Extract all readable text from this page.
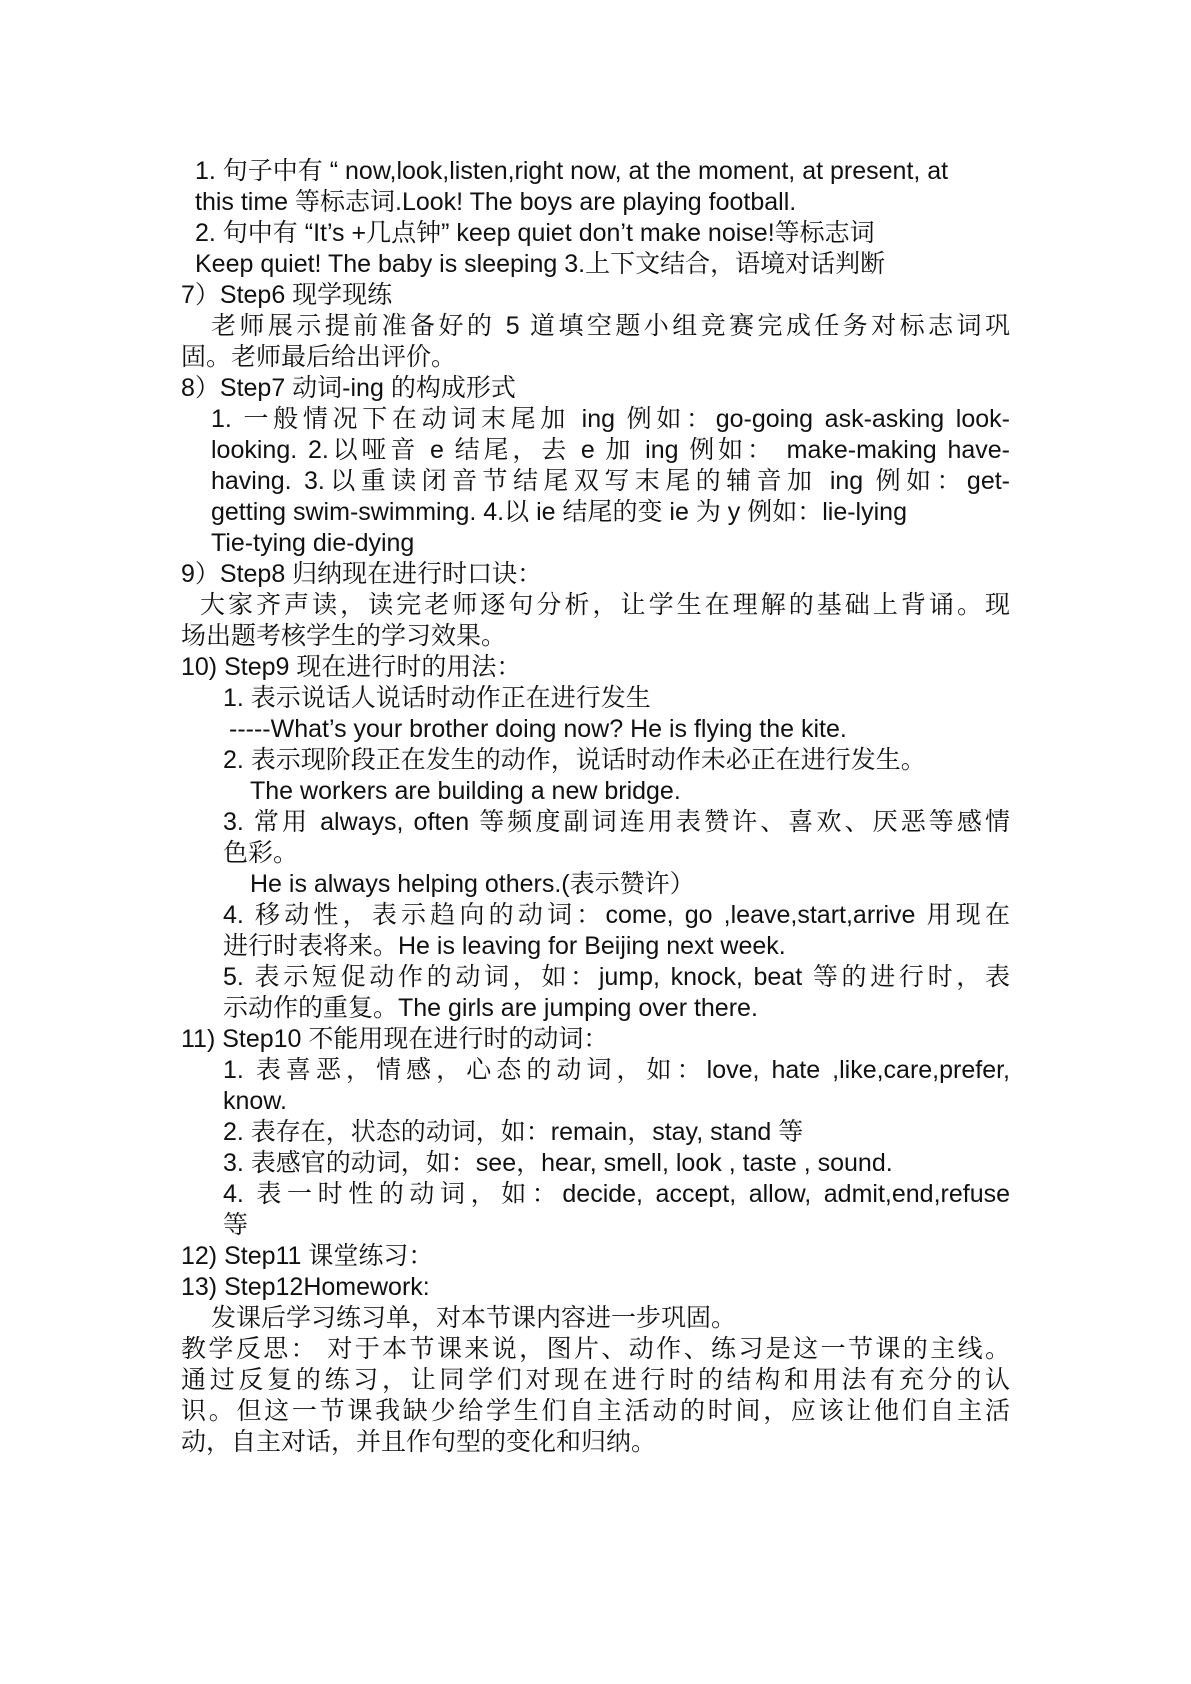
1. 句子中有 “ now,look,listen,right now, at the moment, at present, at
this time 等标志词.Look! The boys are playing football.
2. 句中有 “It’s +几点钟” keep quiet don’t make noise!等标志词
Keep quiet! The baby is sleeping 3.上下文结合，语境对话判断
7）Step6 现学现练
老师展示提前准备好的 5 道填空题小组竞赛完成任务对标志词巩
固。老师最后给出评价。
8）Step7 动词-ing 的构成形式
1. 一般情况下在动词末尾加 ing 例如：go-going ask-asking look-
looking. 2.以哑音 e 结尾，去 e 加 ing 例如： make-making have-
having. 3.以重读闭音节结尾双写末尾的辅音加 ing 例如：get-
getting swim-swimming. 4.以 ie 结尾的变 ie 为 y 例如：lie-lying
Tie-tying die-dying
9）Step8 归纳现在进行时口诀：
大家齐声读，读完老师逐句分析，让学生在理解的基础上背诵。现
场出题考核学生的学习效果。
10) Step9 现在进行时的用法：
1. 表示说话人说话时动作正在进行发生
-----What’s your brother doing now? He is flying the kite.
2. 表示现阶段正在发生的动作，说话时动作未必正在进行发生。
The workers are building a new bridge.
3. 常用 always, often 等频度副词连用表赞许、喜欢、厌恶等感情
色彩。
He is always helping others.(表示赞许）
4. 移动性，表示趋向的动词：come, go ,leave,start,arrive 用现在
进行时表将来。He is leaving for Beijing next week.
5. 表示短促动作的动词，如：jump, knock, beat 等的进行时，表
示动作的重复。The girls are jumping over there.
11) Step10 不能用现在进行时的动词：
1. 表喜恶，情感，心态的动词，如：love, hate ,like,care,prefer,
know.
2. 表存在，状态的动词，如：remain，stay, stand 等
3. 表感官的动词，如：see，hear, smell, look , taste , sound.
4. 表一时性的动词，如：decide, accept, allow, admit,end,refuse
等
12) Step11 课堂练习：
13) Step12Homework:
发课后学习练习单，对本节课内容进一步巩固。
教学反思： 对于本节课来说，图片、动作、练习是这一节课的主线。
通过反复的练习，让同学们对现在进行时的结构和用法有充分的认
识。但这一节课我缺少给学生们自主活动的时间，应该让他们自主活
动，自主对话，并且作句型的变化和归纳。
